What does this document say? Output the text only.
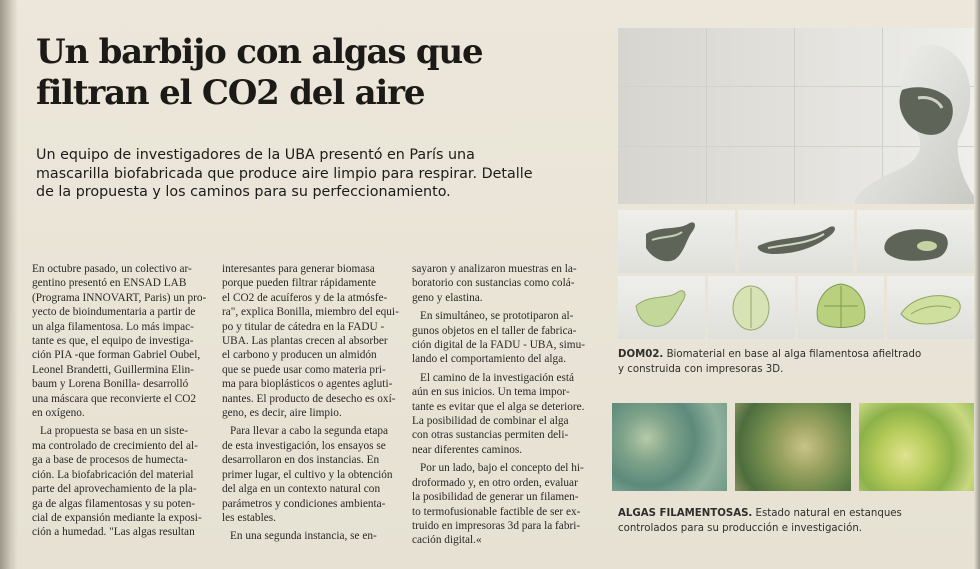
Un barbijo con algas que
filtran el CO2 del aire
Un equipo de investigadores de la UBA presentó en París una
mascarilla biofabricada que produce aire limpio para respirar. Detalle
de la propuesta y los caminos para su perfeccionamiento.

En octubre pasado, un colectivo ar-
gentino presentó en ENSAD LAB
(Programa INNOVART, Paris) un pro-
yecto de bioindumentaria a partir de
un alga filamentosa. Lo más impac-
tante es que, el equipo de investiga-
ción PIA -que forman Gabriel Oubel,
Leonel Brandetti, Guillermina Elin-
baum y Lorena Bonilla- desarrolló
una máscara que reconvierte el CO2
en oxígeno.

La propuesta se basa en un siste-
ma controlado de crecimiento del al-
ga a base de procesos de humecta-
ción. La biofabricación del material
parte del aprovechamiento de la pla-
ga de algas filamentosas y su poten-
cial de expansión mediante la exposi-
ción a humedad. "Las algas resultan

interesantes para generar biomasa
porque pueden filtrar rápidamente
el CO2 de acuíferos y de la atmósfe-
ra", explica Bonilla, miembro del equi-
po y titular de cátedra en la FADU -
UBA. Las plantas crecen al absorber
el carbono y producen un almidón
que se puede usar como materia pri-
ma para bioplásticos o agentes agluti-
nantes. El producto de desecho es oxí-
geno, es decir, aire limpio.

Para llevar a cabo la segunda etapa
de esta investigación, los ensayos se
desarrollaron en dos instancias. En
primer lugar, el cultivo y la obtención
del alga en un contexto natural con
parámetros y condiciones ambienta-
les estables.

En una segunda instancia, se en-

sayaron y analizaron muestras en la-
boratorio con sustancias como colá-
geno y elastina.

En simultáneo, se prototiparon al-
gunos objetos en el taller de fabrica-
ción digital de la FADU - UBA, simu-
lando el comportamiento del alga.

El camino de la investigación está
aún en sus inicios. Un tema impor-
tante es evitar que el alga se deteriore.
La posibilidad de combinar el alga
con otras sustancias permiten deli-
near diferentes caminos.

Por un lado, bajo el concepto del hi-
droformado y, en otro orden, evaluar
la posibilidad de generar un filamen-
to termofusionable factible de ser ex-
truido en impresoras 3d para la fabri-
cación digital.«

DOM02. Biomaterial en base al alga filamentosa afieltrado
y construida con impresoras 3D.
ALGAS FILAMENTOSAS. Estado natural en estanques
controlados para su producción e investigación.
